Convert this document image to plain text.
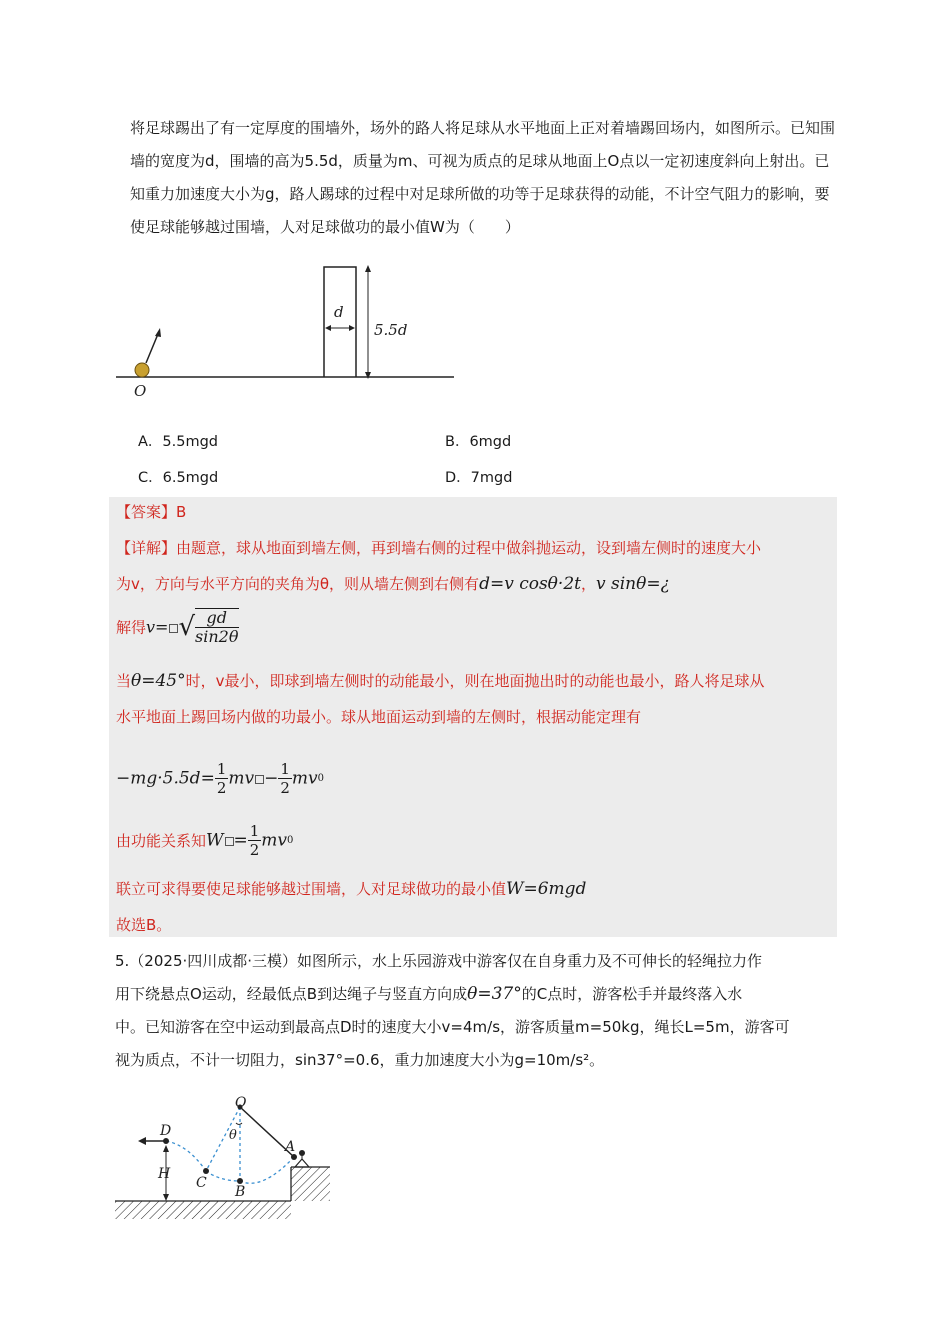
将足球踢出了有一定厚度的围墙外，场外的路人将足球从水平地面上正对着墙踢回场内，如图所示。已知围墙的宽度为d，围墙的高为5.5d，质量为m、可视为质点的足球从地面上O点以一定初速度斜向上射出。已知重力加速度大小为g，路人踢球的过程中对足球所做的功等于足球获得的动能，不计空气阻力的影响，要使足球能够越过围墙，人对足球做功的最小值W为（　　）
O
d
5.5d
A．5.5mgd	B．6mgd
C．6.5mgd	D．7mgd
【答案】B
【详解】由题意，球从地面到墙左侧，再到墙右侧的过程中做斜抛运动，设到墙左侧时的速度大小
为v，方向与水平方向的夹角为θ，则从墙左侧到右侧有d=v cosθ·2t，v sinθ=¿
解得v= √ $\frac{gd}{\sin 2\theta}$
当θ=45°时，v最小，即球到墙左侧时的动能最小，则在地面抛出时的动能也最小，路人将足球从
水平地面上踢回场内做的功最小。球从地面运动到墙的左侧时，根据动能定理有
$-mg\cdot 5.5d= \frac{1}{2}$ mv − $\frac{1}{2} mv0$
由功能关系知$W = \frac{1}{2} mv0$
联立可求得要使足球能够越过围墙，人对足球做功的最小值W=6mgd
故选B。
5.（2025·四川成都·三模）如图所示，水上乐园游戏中游客仅在自身重力及不可伸长的轻绳拉力作
用下绕悬点O运动，经最低点B到达绳子与竖直方向成θ=37°的C点时，游客松手并最终落入水
中。已知游客在空中运动到最高点D时的速度大小v=4m/s，游客质量m=50kg，绳长L=5m，游客可
视为质点，不计一切阻力，sin37°=0.6，重力加速度大小为g=10m/s²。
O
θ
A
B
C
D
H
